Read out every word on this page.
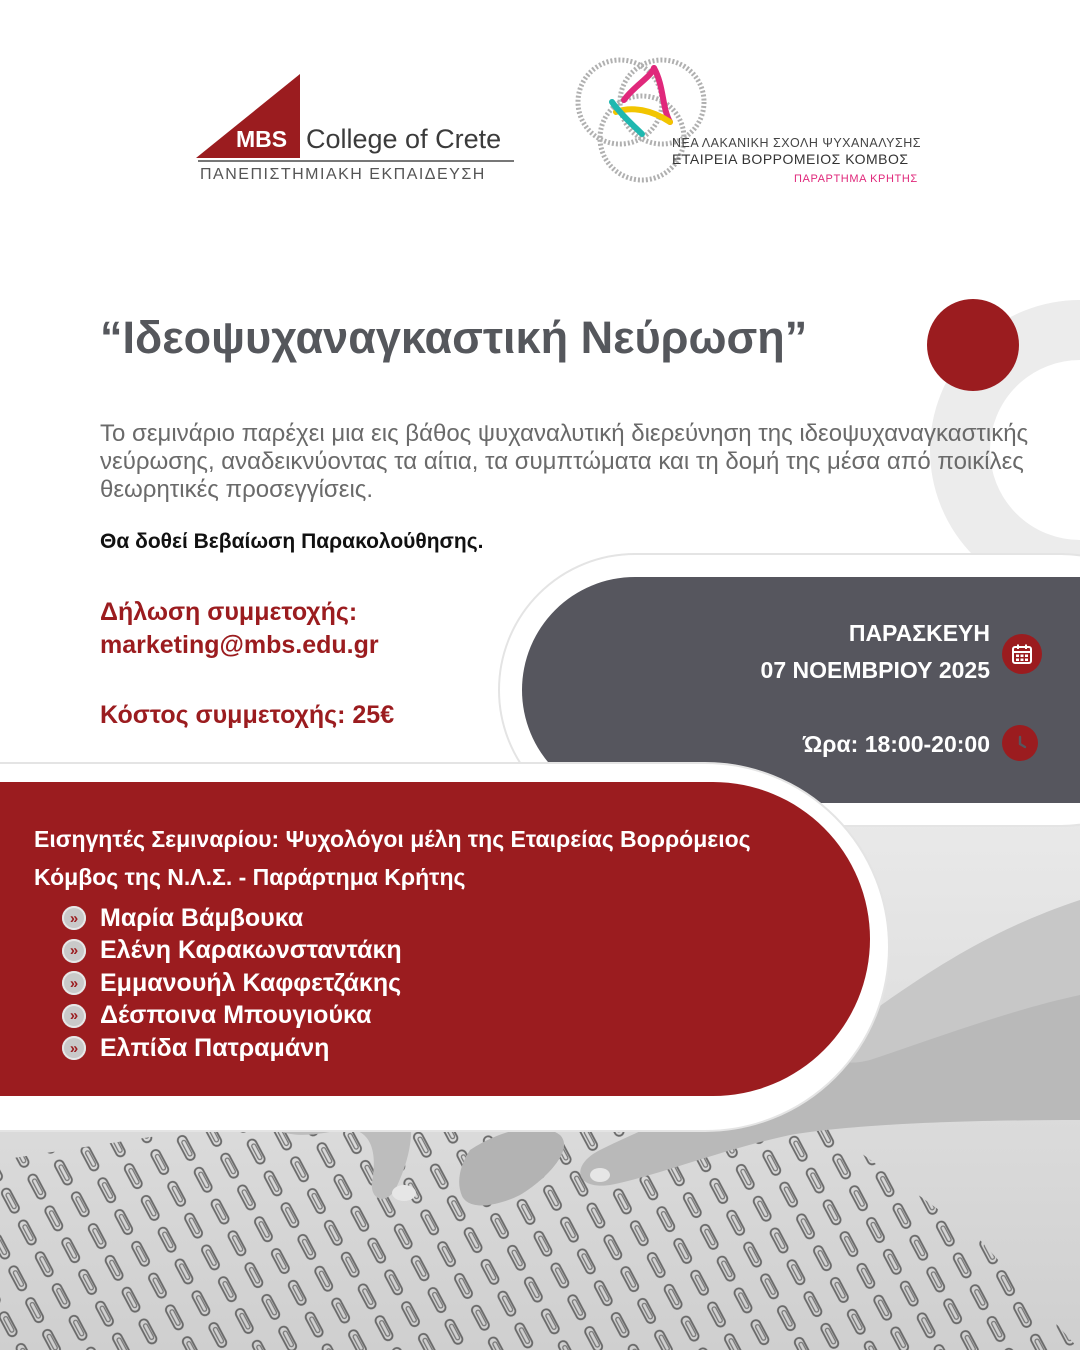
MBS College of Crete
ΠΑΝΕΠΙΣΤΗΜΙΑΚΗ ΕΚΠΑΙΔΕΥΣΗ
ΝΕΑ ΛΑΚΑΝΙΚΗ ΣΧΟΛΗ ΨΥΧΑΝΑΛΥΣΗΣ
ΕΤΑΙΡΕΙΑ ΒΟΡΡΟΜΕΙΟΣ ΚΟΜΒΟΣ
ΠΑΡΑΡΤΗΜΑ ΚΡΗΤΗΣ
“Ιδεοψυχαναγκαστική Νεύρωση”
Το σεμινάριο παρέχει μια εις βάθος ψυχαναλυτική διερεύνηση της ιδεοψυχαναγκαστικής νεύρωσης, αναδεικνύοντας τα αίτια, τα συμπτώματα και τη δομή της μέσα από ποικίλες θεωρητικές προσεγγίσεις.
Θα δοθεί Βεβαίωση Παρακολούθησης.
Δήλωση συμμετοχής:
marketing@mbs.edu.gr
Κόστος συμμετοχής: 25€
ΠΑΡΑΣΚΕΥΗ
07 ΝΟΕΜΒΡΙΟΥ 2025
Ώρα: 18:00-20:00
Εισηγητές Σεμιναρίου: Ψυχολόγοι μέλη της Εταιρείας Βορρόμειος Κόμβος της Ν.Λ.Σ. - Παράρτημα Κρήτης
» Μαρία Βάμβουκα
» Ελένη Καρακωνσταντάκη
» Εμμανουήλ Καφφετζάκης
» Δέσποινα Μπουγιούκα
» Ελπίδα Πατραμάνη
